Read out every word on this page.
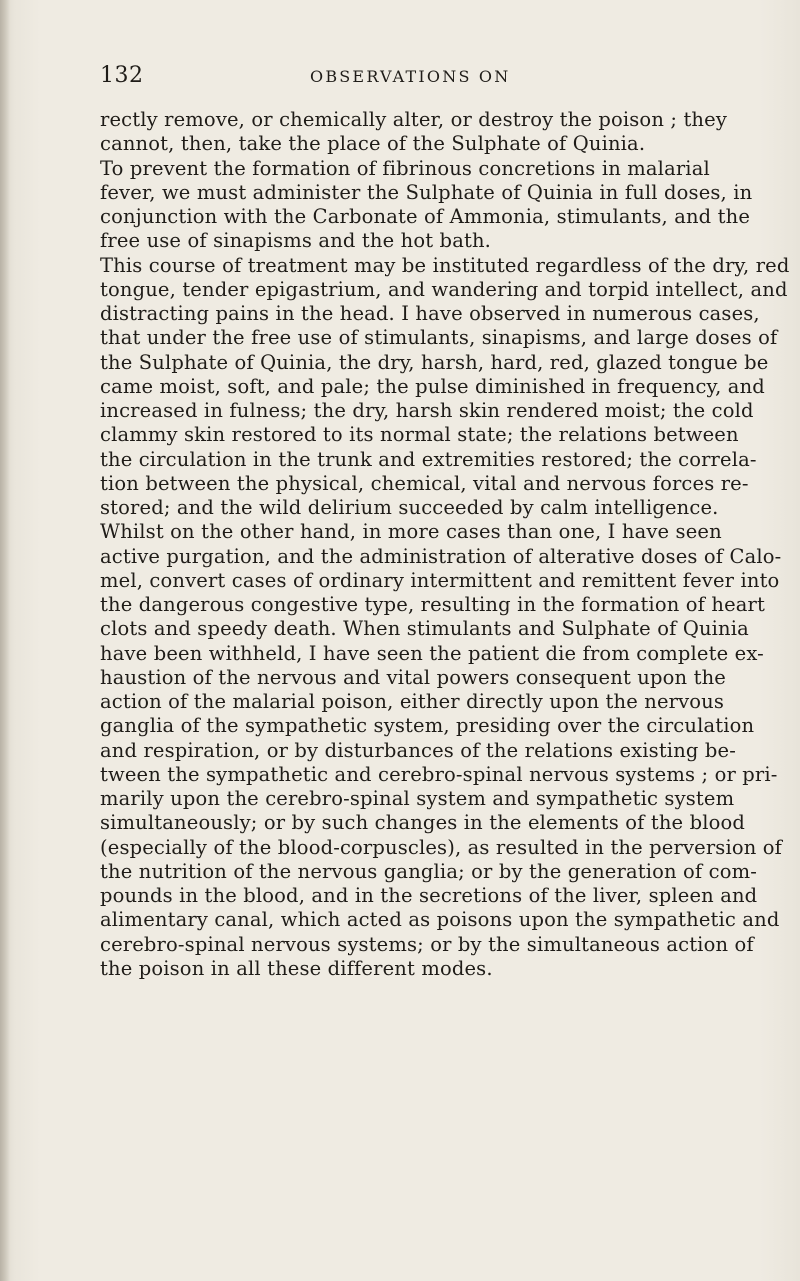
132	OBSERVATIONS ON
rectly remove, or chemically alter, or destroy the poison ; they
cannot, then, take the place of the Sulphate of Quinia.
To prevent the formation of fibrinous concretions in malarial
fever, we must administer the Sulphate of Quinia in full doses, in
conjunction with the Carbonate of Ammonia, stimulants, and the
free use of sinapisms and the hot bath.
This course of treatment may be instituted regardless of the dry, red
tongue, tender epigastrium, and wandering and torpid intellect, and
distracting pains in the head. I have observed in numerous cases,
that under the free use of stimulants, sinapisms, and large doses of
the Sulphate of Quinia, the dry, harsh, hard, red, glazed tongue be
came moist, soft, and pale; the pulse diminished in frequency, and
increased in fulness; the dry, harsh skin rendered moist; the cold
clammy skin restored to its normal state; the relations between
the circulation in the trunk and extremities restored; the correla-
tion between the physical, chemical, vital and nervous forces re-
stored; and the wild delirium succeeded by calm intelligence.
Whilst on the other hand, in more cases than one, I have seen
active purgation, and the administration of alterative doses of Calo-
mel, convert cases of ordinary intermittent and remittent fever into
the dangerous congestive type, resulting in the formation of heart
clots and speedy death. When stimulants and Sulphate of Quinia
have been withheld, I have seen the patient die from complete ex-
haustion of the nervous and vital powers consequent upon the
action of the malarial poison, either directly upon the nervous
ganglia of the sympathetic system, presiding over the circulation
and respiration, or by disturbances of the relations existing be-
tween the sympathetic and cerebro-spinal nervous systems ; or pri-
marily upon the cerebro-spinal system and sympathetic system
simultaneously; or by such changes in the elements of the blood
(especially of the blood-corpuscles), as resulted in the perversion of
the nutrition of the nervous ganglia; or by the generation of com-
pounds in the blood, and in the secretions of the liver, spleen and
alimentary canal, which acted as poisons upon the sympathetic and
cerebro-spinal nervous systems; or by the simultaneous action of
the poison in all these different modes.
